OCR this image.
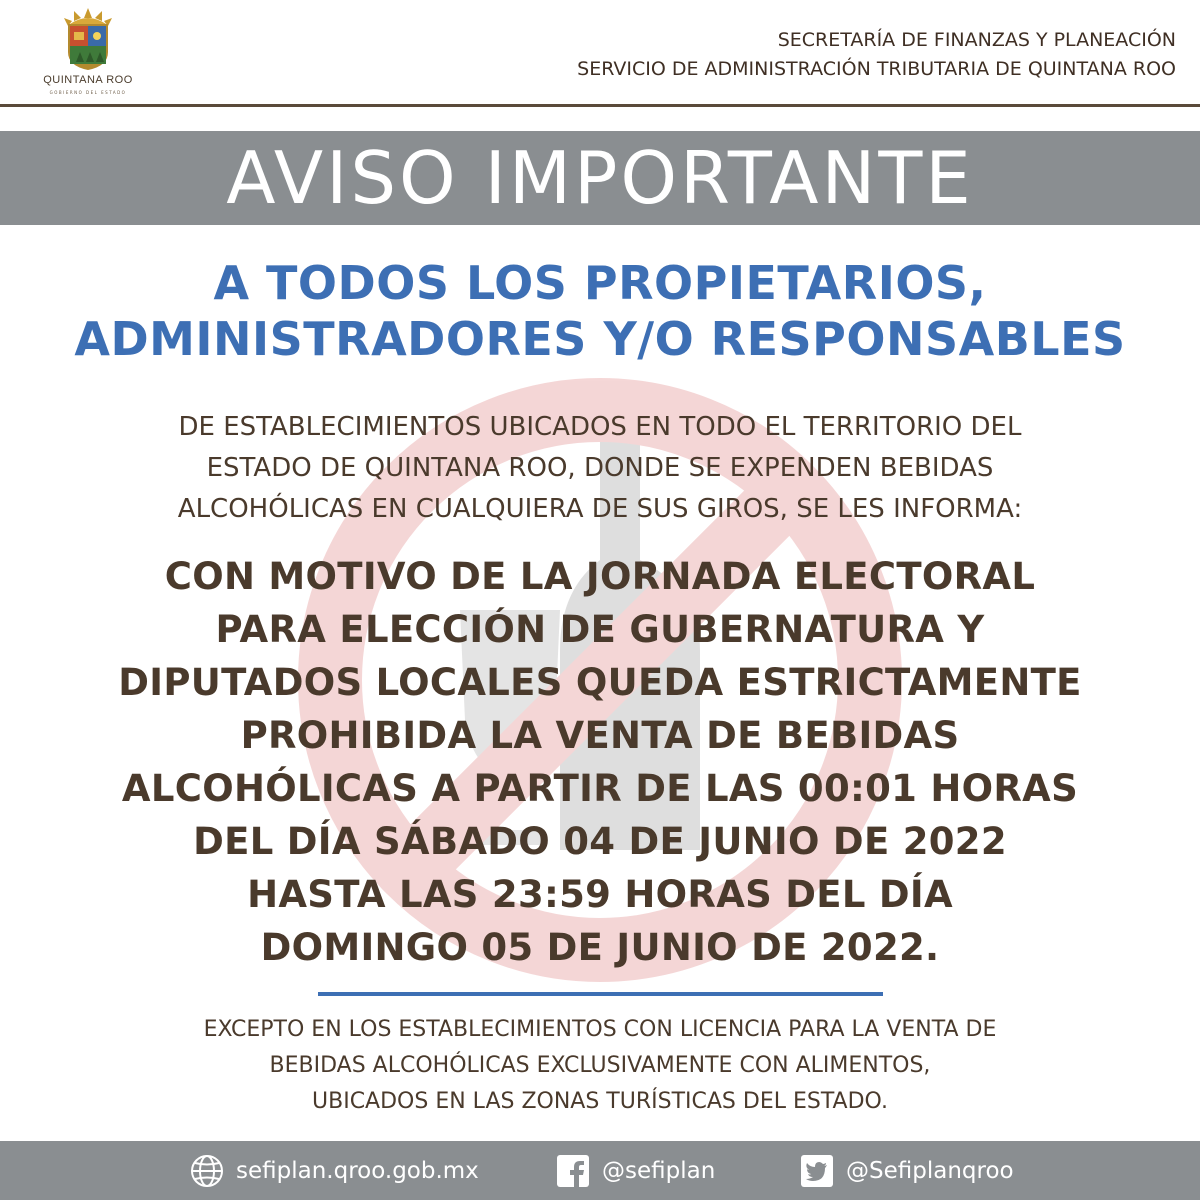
QUINTANA ROO
GOBIERNO DEL ESTADO
SECRETARÍA DE FINANZAS Y PLANEACIÓN
SERVICIO DE ADMINISTRACIÓN TRIBUTARIA DE QUINTANA ROO
AVISO IMPORTANTE
A TODOS LOS PROPIETARIOS,
ADMINISTRADORES Y/O RESPONSABLES
DE ESTABLECIMIENTOS UBICADOS EN TODO EL TERRITORIO DEL
ESTADO DE QUINTANA ROO, DONDE SE EXPENDEN BEBIDAS
ALCOHÓLICAS EN CUALQUIERA DE SUS GIROS, SE LES INFORMA:
CON MOTIVO DE LA JORNADA ELECTORAL
PARA ELECCIÓN DE GUBERNATURA Y
DIPUTADOS LOCALES QUEDA ESTRICTAMENTE
PROHIBIDA LA VENTA DE BEBIDAS
ALCOHÓLICAS A PARTIR DE LAS 00:01 HORAS
DEL DÍA SÁBADO 04 DE JUNIO DE 2022
HASTA LAS 23:59 HORAS DEL DÍA
DOMINGO 05 DE JUNIO DE 2022.
EXCEPTO EN LOS ESTABLECIMIENTOS CON LICENCIA PARA LA VENTA DE
BEBIDAS ALCOHÓLICAS EXCLUSIVAMENTE CON ALIMENTOS,
UBICADOS EN LAS ZONAS TURÍSTICAS DEL ESTADO.
sefiplan.qroo.gob.mx	@sefiplan	@Sefiplanqroo
